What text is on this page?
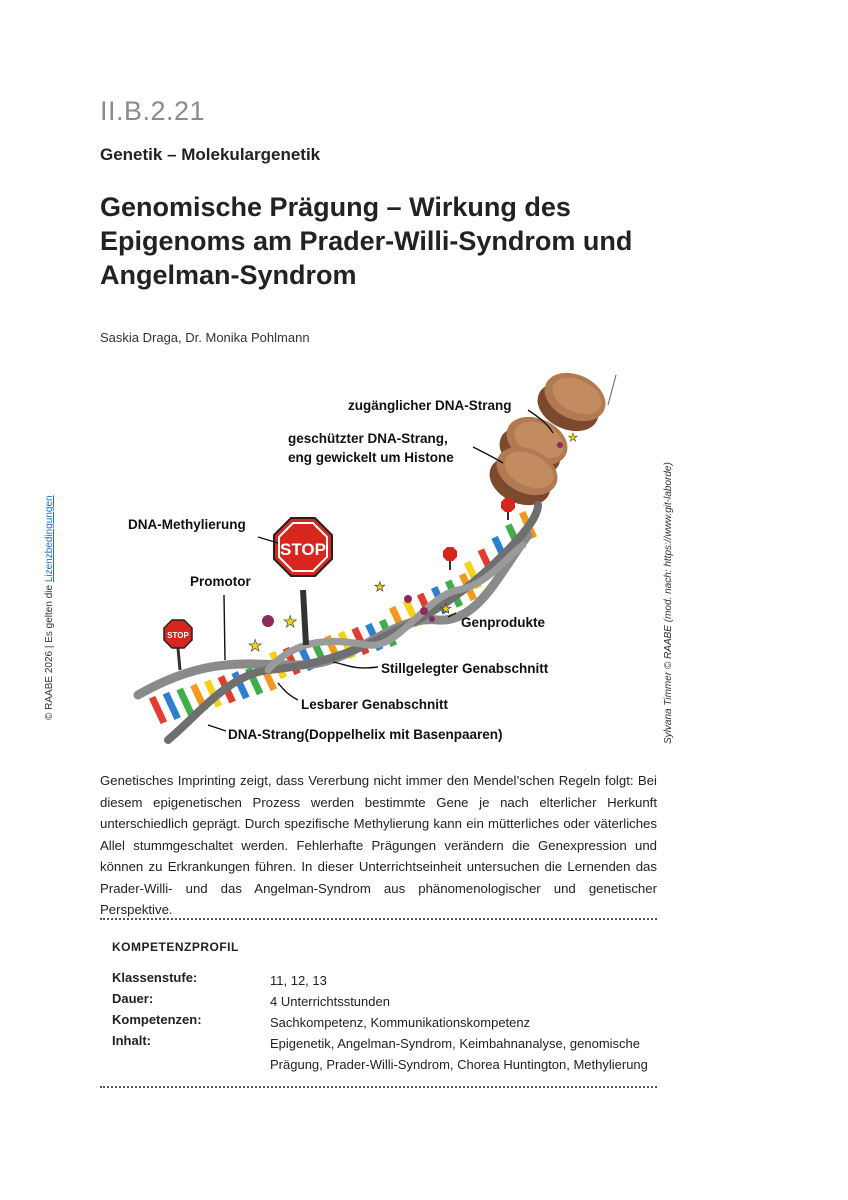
II.B.2.21
Genetik – Molekulargenetik
Genomische Prägung – Wirkung des Epigenoms am Prader-Willi-Syndrom und Angelman-Syndrom
Saskia Draga, Dr. Monika Pohlmann
© RAABE 2026 | Es gelten die Lizenzbedingungen	Sylvana Timmer © RAABE (mod. nach: https://www.git-laborde)
STOP
STOP
★
★
★
★
★
zugänglicher DNA-Strang
geschützter DNA-Strang,
eng gewickelt um Histone
DNA-Methylierung
Promotor
Genprodukte
Stillgelegter Genabschnitt
Lesbarer Genabschnitt
DNA-Strang(Doppelhelix mit Basenpaaren)

Genetisches Imprinting zeigt, dass Vererbung nicht immer den Mendel’schen Regeln folgt: Bei diesem epigenetischen Prozess werden bestimmte Gene je nach elterlicher Herkunft unterschiedlich geprägt. Durch spezifische Methylierung kann ein mütterliches oder väterliches Allel stummgeschaltet werden. Fehlerhafte Prägungen verändern die Genexpression und können zu Erkrankungen führen. In dieser Unterrichtseinheit untersuchen die Lernenden das Prader-Willi- und das Angelman-Syndrom aus phänomenologischer und genetischer Perspektive.

KOMPETENZPROFIL
Klassenstufe:	11, 12, 13
Dauer:	4 Unterrichtsstunden
Kompetenzen:	Sachkompetenz, Kommunikationskompetenz
Inhalt:	Epigenetik, Angelman-Syndrom, Keimbahnanalyse, genomische Prägung, Prader-Willi-Syndrom, Chorea Huntington, Methylierung
